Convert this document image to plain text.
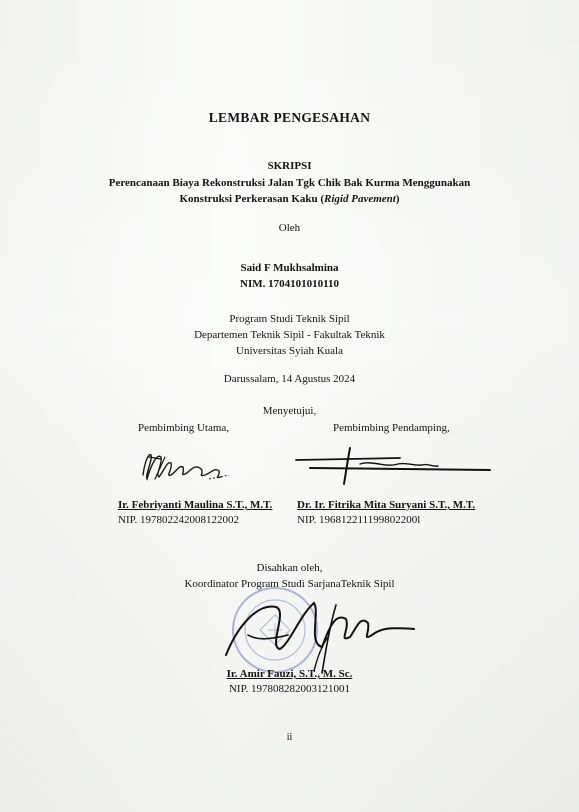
LEMBAR PENGESAHAN
SKRIPSI
Perencanaan Biaya Rekonstruksi Jalan Tgk Chik Bak Kurma Menggunakan
Konstruksi Perkerasan Kaku (Rigid Pavement)
Oleh
Said F Mukhsalmina
NIM. 1704101010110
Program Studi Teknik Sipil
Departemen Teknik Sipil - Fakultak Teknik
Universitas Syiah Kuala
Darussalam, 14 Agustus 2024
Menyetujui,
Pembimbing Utama,	Pembimbing Pendamping,
Ir. Febriyanti Maulina S.T., M.T.
NIP. 197802242008122002
Dr. Ir. Fitrika Mita Suryani S.T., M.T.
NIP. 196812211199802200l
Disahkan oleh,
Koordinator Program Studi SarjanaTeknik Sipil
Ir. Amir Fauzi, S.T., M. Sc.
NIP. 197808282003121001
ii
